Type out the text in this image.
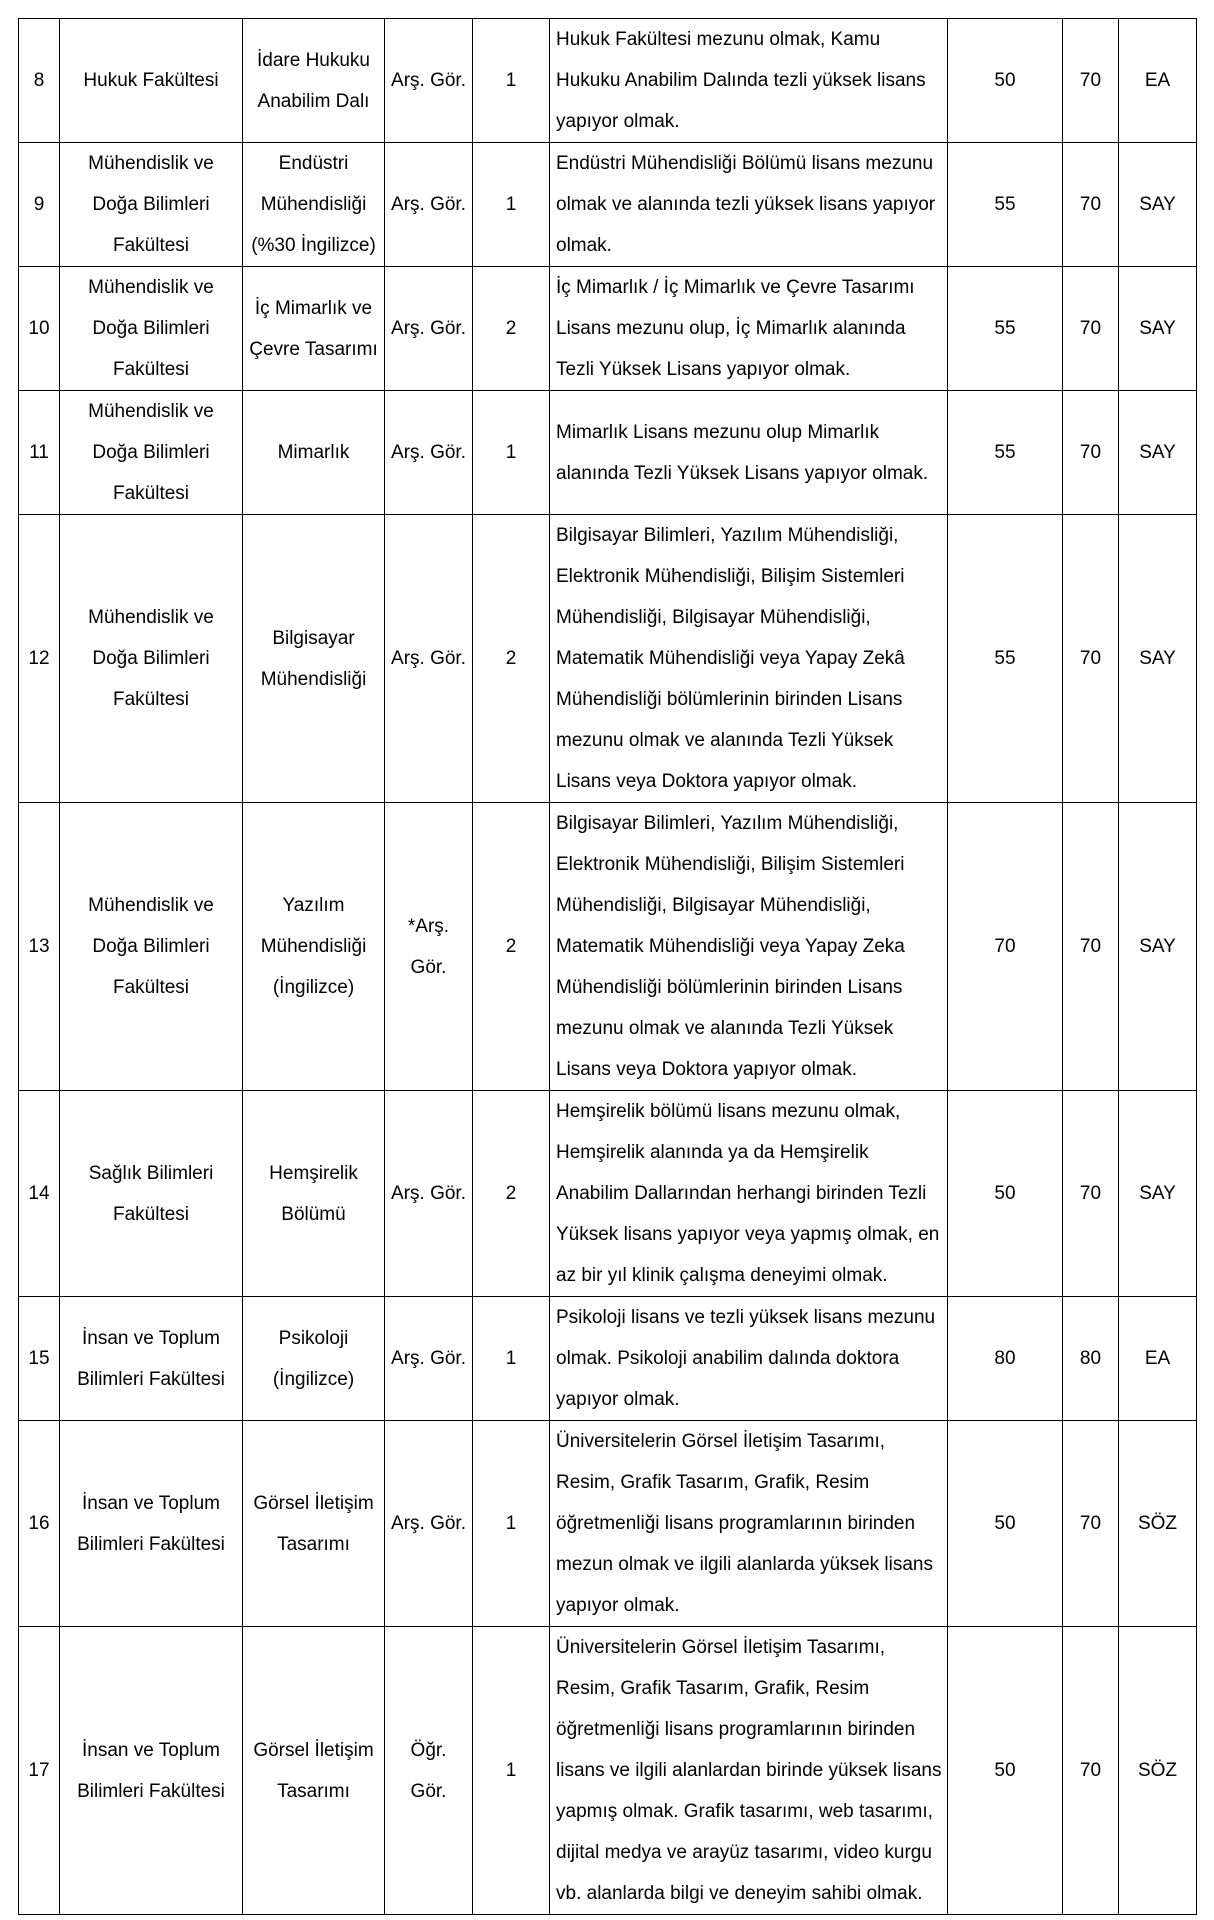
8	Hukuk Fakültesi	İdare Hukuku Anabilim Dalı	Arş. Gör.	1	Hukuk Fakültesi mezunu olmak, Kamu Hukuku Anabilim Dalında tezli yüksek lisans yapıyor olmak.	50	70	EA
9	Mühendislik ve Doğa Bilimleri Fakültesi	Endüstri Mühendisliği (%30 İngilizce)	Arş. Gör.	1	Endüstri Mühendisliği Bölümü lisans mezunu olmak ve alanında tezli yüksek lisans yapıyor olmak.	55	70	SAY
10	Mühendislik ve Doğa Bilimleri Fakültesi	İç Mimarlık ve Çevre Tasarımı	Arş. Gör.	2	İç Mimarlık / İç Mimarlık ve Çevre Tasarımı Lisans mezunu olup, İç Mimarlık alanında Tezli Yüksek Lisans yapıyor olmak.	55	70	SAY
11	Mühendislik ve Doğa Bilimleri Fakültesi	Mimarlık	Arş. Gör.	1	Mimarlık Lisans mezunu olup Mimarlık alanında Tezli Yüksek Lisans yapıyor olmak.	55	70	SAY
12	Mühendislik ve Doğa Bilimleri Fakültesi	Bilgisayar Mühendisliği	Arş. Gör.	2	Bilgisayar Bilimleri, Yazılım Mühendisliği, Elektronik Mühendisliği, Bilişim Sistemleri Mühendisliği, Bilgisayar Mühendisliği, Matematik Mühendisliği veya Yapay Zekâ Mühendisliği bölümlerinin birinden Lisans mezunu olmak ve alanında Tezli Yüksek Lisans veya Doktora yapıyor olmak.	55	70	SAY
13	Mühendislik ve Doğa Bilimleri Fakültesi	Yazılım Mühendisliği (İngilizce)	*Arş. Gör.	2	Bilgisayar Bilimleri, Yazılım Mühendisliği, Elektronik Mühendisliği, Bilişim Sistemleri Mühendisliği, Bilgisayar Mühendisliği, Matematik Mühendisliği veya Yapay Zeka Mühendisliği bölümlerinin birinden Lisans mezunu olmak ve alanında Tezli Yüksek Lisans veya Doktora yapıyor olmak.	70	70	SAY
14	Sağlık Bilimleri Fakültesi	Hemşirelik Bölümü	Arş. Gör.	2	Hemşirelik bölümü lisans mezunu olmak, Hemşirelik alanında ya da Hemşirelik Anabilim Dallarından herhangi birinden Tezli Yüksek lisans yapıyor veya yapmış olmak, en az bir yıl klinik çalışma deneyimi olmak.	50	70	SAY
15	İnsan ve Toplum Bilimleri Fakültesi	Psikoloji (İngilizce)	Arş. Gör.	1	Psikoloji lisans ve tezli yüksek lisans mezunu olmak. Psikoloji anabilim dalında doktora yapıyor olmak.	80	80	EA
16	İnsan ve Toplum Bilimleri Fakültesi	Görsel İletişim Tasarımı	Arş. Gör.	1	Üniversitelerin Görsel İletişim Tasarımı, Resim, Grafik Tasarım, Grafik, Resim öğretmenliği lisans programlarının birinden mezun olmak ve ilgili alanlarda yüksek lisans yapıyor olmak.	50	70	SÖZ
17	İnsan ve Toplum Bilimleri Fakültesi	Görsel İletişim Tasarımı	Öğr. Gör.	1	Üniversitelerin Görsel İletişim Tasarımı, Resim, Grafik Tasarım, Grafik, Resim öğretmenliği lisans programlarının birinden lisans ve ilgili alanlardan birinde yüksek lisans yapmış olmak. Grafik tasarımı, web tasarımı, dijital medya ve arayüz tasarımı, video kurgu vb. alanlarda bilgi ve deneyim sahibi olmak.	50	70	SÖZ
